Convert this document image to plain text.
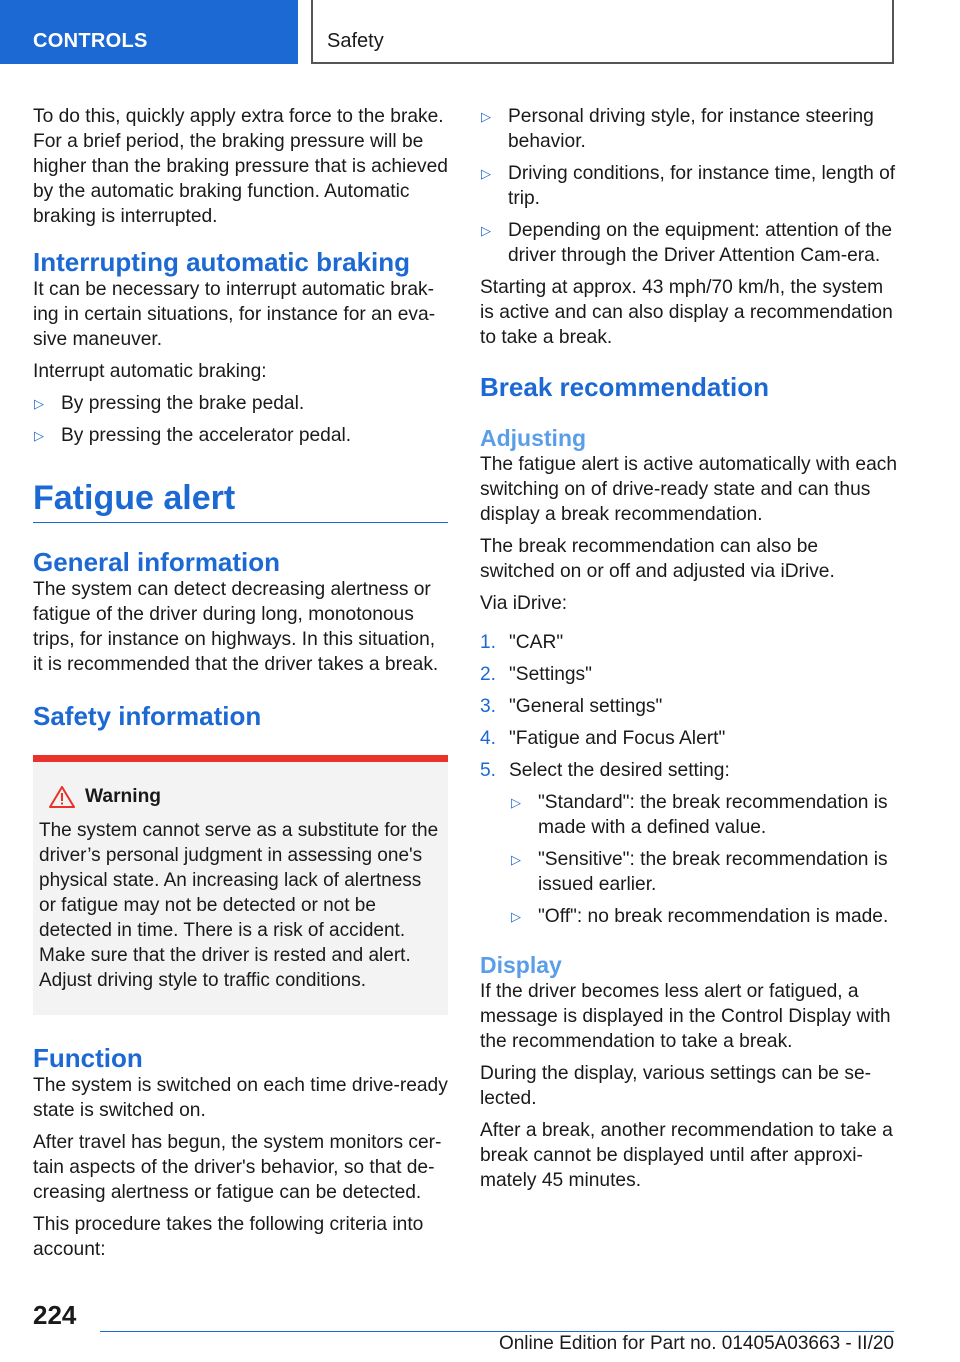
CONTROLS	Safety

To do this, quickly apply extra force to the brake. For a brief period, the braking pressure will be higher than the braking pressure that is achieved by the automatic braking function. Automatic braking is interrupted.

Interrupting automatic braking

It can be necessary to interrupt automatic brak‐ing in certain situations, for instance for an eva‐sive maneuver.

Interrupt automatic braking:

▷ By pressing the brake pedal.
▷ By pressing the accelerator pedal.
Fatigue alert
General information

The system can detect decreasing alertness or fatigue of the driver during long, monotonous trips, for instance on highways. In this situation, it is recommended that the driver takes a break.

Safety information
Warning
The system cannot serve as a substitute for the driver’s personal judgment in assessing one's physical state. An increasing lack of alertness or fatigue may not be detected or not be detected in time. There is a risk of accident. Make sure that the driver is rested and alert. Adjust driving style to traffic conditions.
Function

The system is switched on each time drive-ready state is switched on.

After travel has begun, the system monitors cer‐tain aspects of the driver's behavior, so that de‐creasing alertness or fatigue can be detected.

This procedure takes the following criteria into account:

▷ Personal driving style, for instance steering behavior.
▷ Driving conditions, for instance time, length of trip.
▷ Depending on the equipment: attention of the driver through the Driver Attention Cam‐era.

Starting at approx. 43 mph/70 km/h, the system is active and can also display a recommendation to take a break.

Break recommendation
Adjusting

The fatigue alert is active automatically with each switching on of drive-ready state and can thus display a break recommendation.

The break recommendation can also be switched on or off and adjusted via iDrive.

Via iDrive:

1. "CAR"
2. "Settings"
3. "General settings"
4. "Fatigue and Focus Alert"
5. Select the desired setting:
▷ "Standard": the break recommendation is made with a defined value.
▷ "Sensitive": the break recommendation is issued earlier.
▷ "Off": no break recommendation is made.
Display

If the driver becomes less alert or fatigued, a message is displayed in the Control Display with the recommendation to take a break.

During the display, various settings can be se‐lected.

After a break, another recommendation to take a break cannot be displayed until after approxi‐mately 45 minutes.

224
Online Edition for Part no. 01405A03663 - II/20
